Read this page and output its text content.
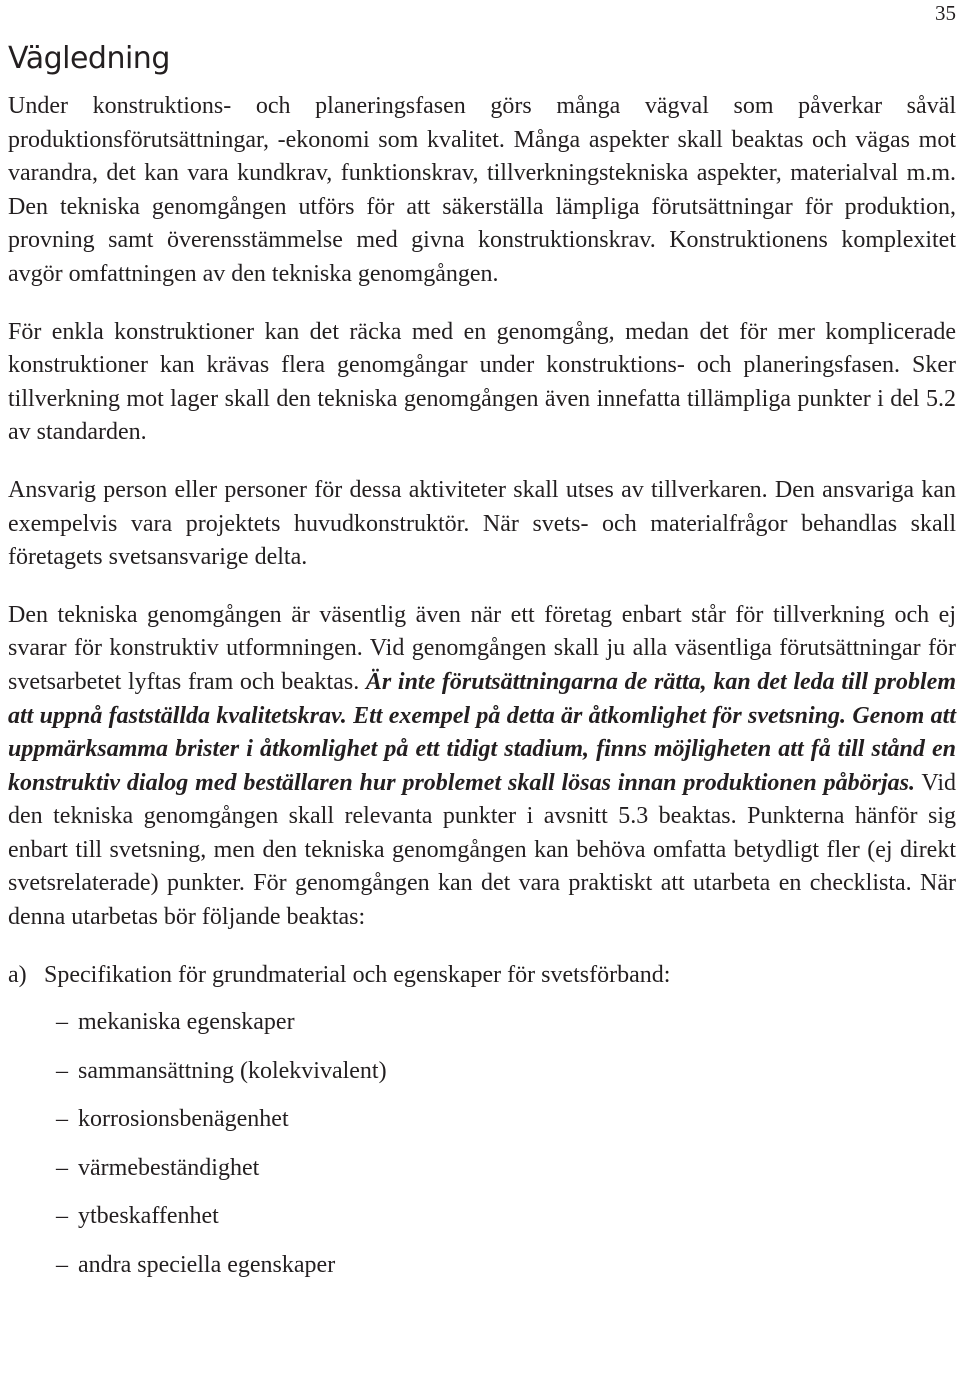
35
Vägledning

Under konstruktions- och planeringsfasen görs många vägval som påverkar såväl produktionsförutsättningar, -ekonomi som kvalitet. Många aspekter skall beaktas och vägas mot varandra, det kan vara kundkrav, funktionskrav, tillverkningstekniska aspekter, materialval m.m. Den tekniska genomgången utförs för att säkerställa lämpliga förutsättningar för produktion, provning samt överensstämmelse med givna konstruktionskrav. Konstruktionens komplexitet avgör omfattningen av den tekniska genomgången.

För enkla konstruktioner kan det räcka med en genomgång, medan det för mer komplicerade konstruktioner kan krävas flera genomgångar under konstruktions- och planeringsfasen. Sker tillverkning mot lager skall den tekniska genomgången även innefatta tillämpliga punkter i del 5.2 av standarden.

Ansvarig person eller personer för dessa aktiviteter skall utses av tillverkaren. Den ansvariga kan exempelvis vara projektets huvudkonstruktör. När svets- och materialfrågor behandlas skall företagets svetsansvarige delta.

Den tekniska genomgången är väsentlig även när ett företag enbart står för tillverkning och ej svarar för konstruktiv utformningen. Vid genomgången skall ju alla väsentliga förutsättningar för svetsarbetet lyftas fram och beaktas. Är inte förutsättningarna de rätta, kan det leda till problem att uppnå fastställda kvalitetskrav. Ett exempel på detta är åtkomlighet för svetsning. Genom att uppmärksamma brister i åtkomlighet på ett tidigt stadium, finns möjligheten att få till stånd en konstruktiv dialog med beställaren hur problemet skall lösas innan produktionen påbörjas. Vid den tekniska genomgången skall relevanta punkter i avsnitt 5.3 beaktas. Punkterna hänför sig enbart till svetsning, men den tekniska genomgången kan behöva omfatta betydligt fler (ej direkt svetsrelaterade) punkter. För genomgången kan det vara praktiskt att utarbeta en checklista. När denna utarbetas bör följande beaktas:

a) Specifikation för grundmaterial och egenskaper för svetsförband:

– mekaniska egenskaper
– sammansättning (kolekvivalent)
– korrosionsbenägenhet
– värmebeständighet
– ytbeskaffenhet
– andra speciella egenskaper
